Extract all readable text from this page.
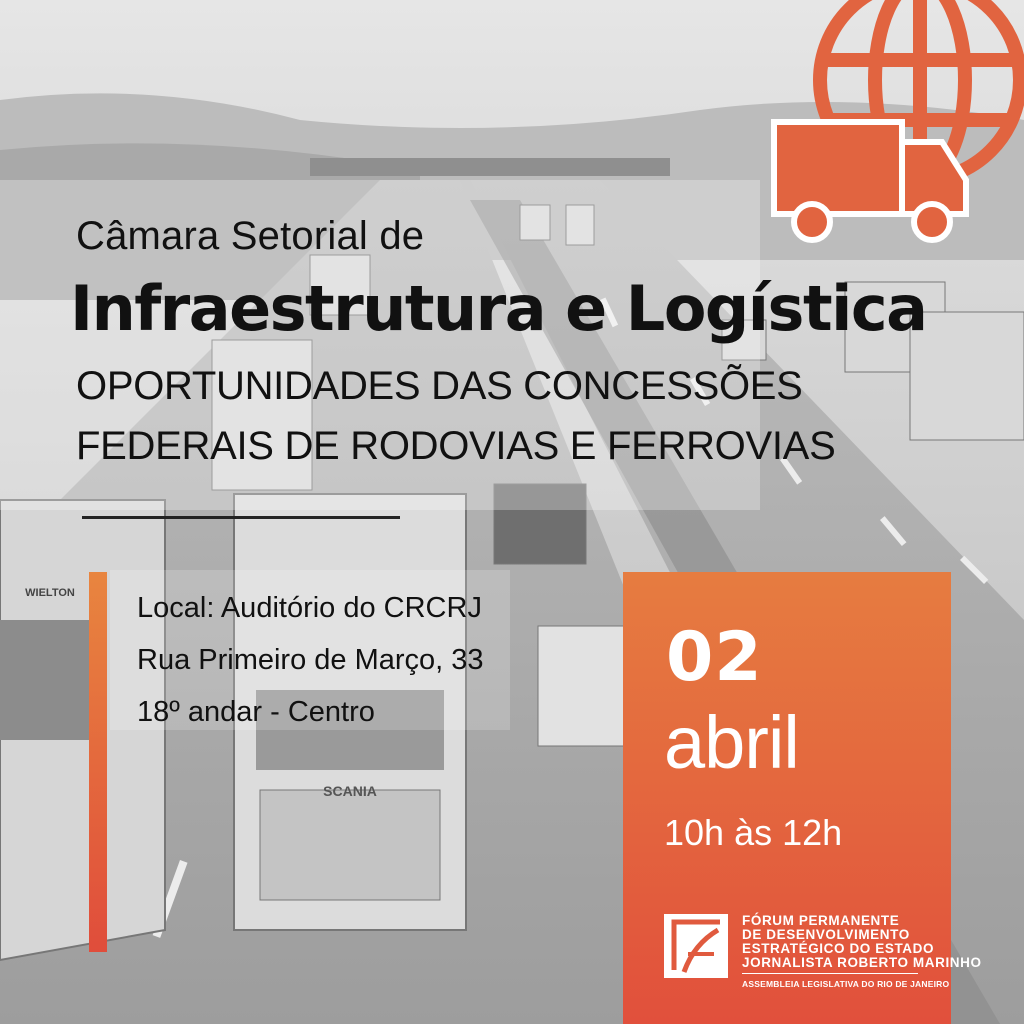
SCANIA
WIELTON
Câmara Setorial de
Infraestrutura e Logística
OPORTUNIDADES DAS CONCESSÕES
FEDERAIS DE RODOVIAS E FERROVIAS
Local: Auditório do CRCRJ
Rua Primeiro de Março, 33
18º andar - Centro
02
abril
10h às 12h
FÓRUM PERMANENTE
DE DESENVOLVIMENTO
ESTRATÉGICO DO ESTADO
JORNALISTA ROBERTO MARINHO
ASSEMBLEIA LEGISLATIVA DO RIO DE JANEIRO
